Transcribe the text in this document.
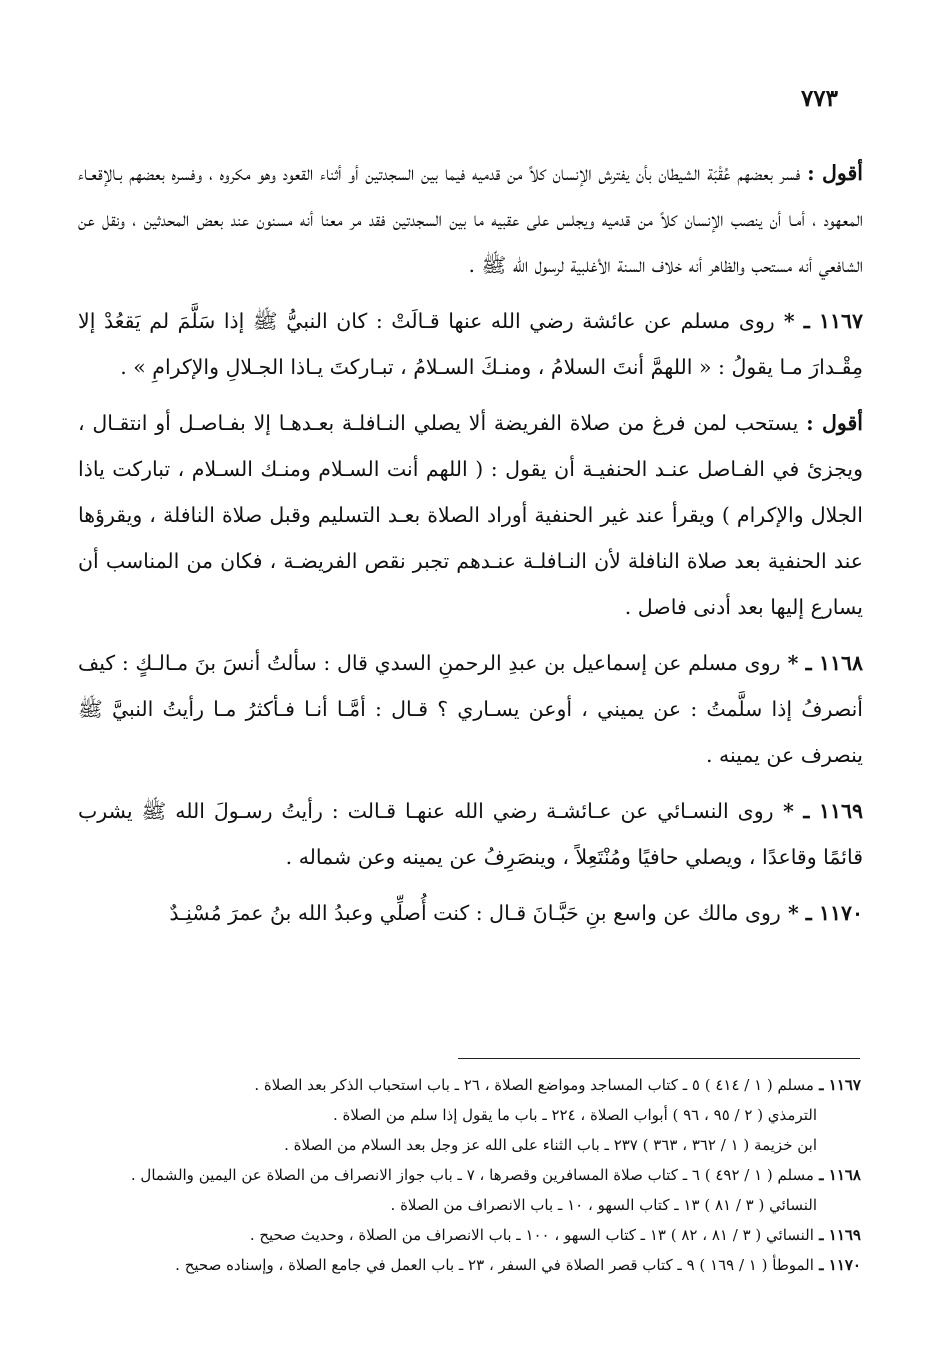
٧٧٣

أقول : فسر بعضهم عُقْبَة الشيطان بأن يفترش الإنسان كلاً من قدميه فيما بين السجدتين أو أثناء القعود وهو مكروه ، وفسره بعضهم بـالإقعـاء المعهود ، أمـا أن ينصب الإنسان كلاً من قدميه ويجلس على عقبيه ما بين السجدتين فقد مر معنا أنه مسنون عند بعض المحدثين ، ونقل عن الشافعي أنه مستحب والظاهر أنه خلاف السنة الأغلبية لرسول الله ﷺ .

١١٦٧ ـ * روى مسلم عن عائشة رضي الله عنها قـالَتْ : كان النبيُّ ﷺ إذا سَلَّمَ لم يَقعُدْ إلا مِقْـدارَ مـا يقولُ : « اللهمَّ أنتَ السلامُ ، ومنـكَ السـلامُ ، تبـاركتَ يـاذا الجـلالِ والإكرامِ » .

أقول : يستحب لمن فرغ من صلاة الفريضة ألا يصلي النـافلـة بعـدهـا إلا بفـاصـل أو انتقـال ، ويجزئ في الفـاصل عنـد الحنفيـة أن يقول : ( اللهم أنت السـلام ومنـك السـلام ، تباركت ياذا الجلال والإكرام ) ويقرأ عند غير الحنفية أوراد الصلاة بعـد التسليم وقبل صلاة النافلة ، ويقرؤها عند الحنفية بعد صلاة النافلة لأن النـافلـة عنـدهم تجبر نقص الفريضـة ، فكان من المناسب أن يسارع إليها بعد أدنى فاصل .

١١٦٨ ـ * روى مسلم عن إسماعيل بن عبدِ الرحمنِ السدي قال : سألتُ أنسَ بنَ مـالـكٍ : كيف أنصرفُ إذا سلَّمتُ : عن يميني ، أوعن يسـاري ؟ قـال : أمَّـا أنـا فـأكثرُ مـا رأيتُ النبيَّ ﷺ ينصرف عن يمينه .

١١٦٩ ـ * روى النسـائي عن عـائشـة رضي الله عنهـا قـالت : رأيتُ رسـولَ الله ﷺ يشرب قائمًا وقاعدًا ، ويصلي حافيًا ومُنْتَعِلاً ، وينصَرِفُ عن يمينه وعن شماله .

١١٧٠ ـ * روى مالك عن واسع بنِ حَبَّـانَ قـال : كنت أُصلِّي وعبدُ الله بنُ عمرَ مُسْنِـدٌ

١١٦٧ ـ مسلم ( ١ / ٤١٤ ) ٥ ـ كتاب المساجد ومواضع الصلاة ، ٢٦ ـ باب استحباب الذكر بعد الصلاة .

الترمذي ( ٢ / ٩٥ ، ٩٦ ) أبواب الصلاة ، ٢٢٤ ـ باب ما يقول إذا سلم من الصلاة .

ابن خزيمة ( ١ / ٣٦٢ ، ٣٦٣ ) ٢٣٧ ـ باب الثناء على الله عز وجل بعد السلام من الصلاة .

١١٦٨ ـ مسلم ( ١ / ٤٩٢ ) ٦ ـ كتاب صلاة المسافرين وقصرها ، ٧ ـ باب جواز الانصراف من الصلاة عن اليمين والشمال .

النسائي ( ٣ / ٨١ ) ١٣ ـ كتاب السهو ، ١٠ ـ باب الانصراف من الصلاة .

١١٦٩ ـ النسائي ( ٣ / ٨١ ، ٨٢ ) ١٣ ـ كتاب السهو ، ١٠٠ ـ باب الانصراف من الصلاة ، وحديث صحيح .

١١٧٠ ـ الموطأ ( ١ / ١٦٩ ) ٩ ـ كتاب قصر الصلاة في السفر ، ٢٣ ـ باب العمل في جامع الصلاة ، وإسناده صحيح .
